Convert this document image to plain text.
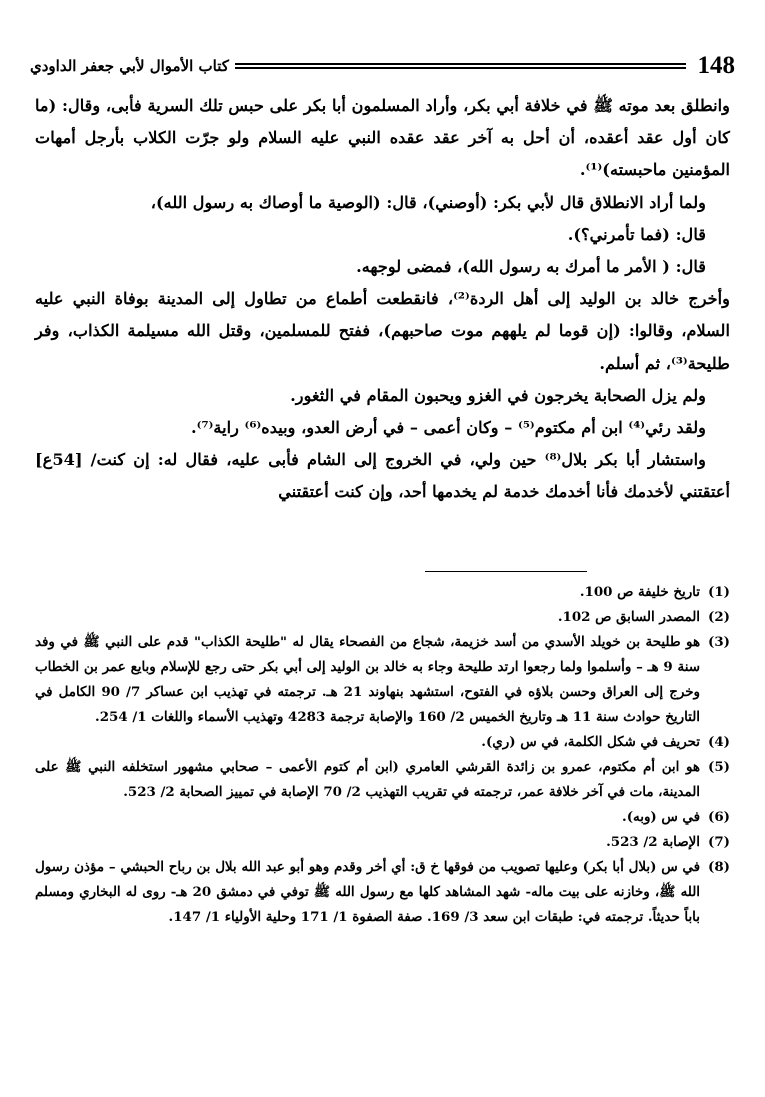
كتاب الأموال لأبي جعفر الداودي	148

وانطلق بعد موته ﷺ في خلافة أبي بكر، وأراد المسلمون أبا بكر على حبس تلك السرية فأبى، وقال: (ما كان أول عقد أعقده، أن أحل به آخر عقد عقده النبي عليه السلام ولو جرّت الكلاب بأرجل أمهات المؤمنين ماحبسته)⁽¹⁾.

ولما أراد الانطلاق قال لأبي بكر: (أوصني)، قال: (الوصية ما أوصاك به رسول الله)،

قال: (فما تأمرني؟).

قال: ( الأمر ما أمرك به رسول الله)، فمضى لوجهه.

وأخرج خالد بن الوليد إلى أهل الردة⁽²⁾، فانقطعت أطماع من تطاول إلى المدينة بوفاة النبي عليه السلام، وقالوا: (إن قوما لم يلههم موت صاحبهم)، ففتح للمسلمين، وقتل الله مسيلمة الكذاب، وفر طليحة⁽³⁾، ثم أسلم.

ولم يزل الصحابة يخرجون في الغزو ويحبون المقام في الثغور.

ولقد رئي⁽⁴⁾ ابن أم مكتوم⁽⁵⁾ – وكان أعمى – في أرض العدو، وبيده⁽⁶⁾ راية⁽⁷⁾.

واستشار أبا بكر بلال⁽⁸⁾ حين ولي، في الخروج إلى الشام فأبى عليه، فقال له: إن كنت/ [54ع] أعتقتني لأخدمك فأنا أخدمك خدمة لم يخدمها أحد، وإن كنت أعتقتني

(1)
تاريخ خليفة ص 100.
(2)
المصدر السابق ص 102.
(3)
هو طليحة بن خويلد الأسدي من أسد خزيمة، شجاع من الفصحاء يقال له "طليحة الكذاب" قدم على النبي ﷺ في وفد سنة 9 هـ – وأسلموا ولما رجعوا ارتد طليحة وجاء به خالد بن الوليد إلى أبي بكر حتى رجع للإسلام وبايع عمر بن الخطاب وخرج إلى العراق وحسن بلاؤه في الفتوح، استشهد بنهاوند 21 هـ. ترجمته في تهذيب ابن عساكر 7/ 90 الكامل في التاريخ حوادث سنة 11 هـ وتاريخ الخميس 2/ 160 والإصابة ترجمة 4283 وتهذيب الأسماء واللغات 1/ 254.
(4)
تحريف في شكل الكلمة، في س (ري).
(5)
هو ابن أم مكتوم، عمرو بن زائدة القرشي العامري (ابن أم كتوم الأعمى – صحابي مشهور استخلفه النبي ﷺ على المدينة، مات في آخر خلافة عمر، ترجمته في تقريب التهذيب 2/ 70 الإصابة في تمييز الصحابة 2/ 523.
(6)
في س (وبه).
(7)
الإصابة 2/ 523.
(8)
في س (بلال أبا بكر) وعليها تصويب من فوقها خ ق: أي أخر وقدم وهو أبو عبد الله بلال بن رباح الحبشي – مؤذن رسول الله ﷺ، وخازنه على بيت ماله- شهد المشاهد كلها مع رسول الله ﷺ توفي في دمشق 20 هـ- روى له البخاري ومسلم باباً حديثاً. ترجمته في: طبقات ابن سعد 3/ 169. صفة الصفوة 1/ 171 وحلية الأولياء 1/ 147.
